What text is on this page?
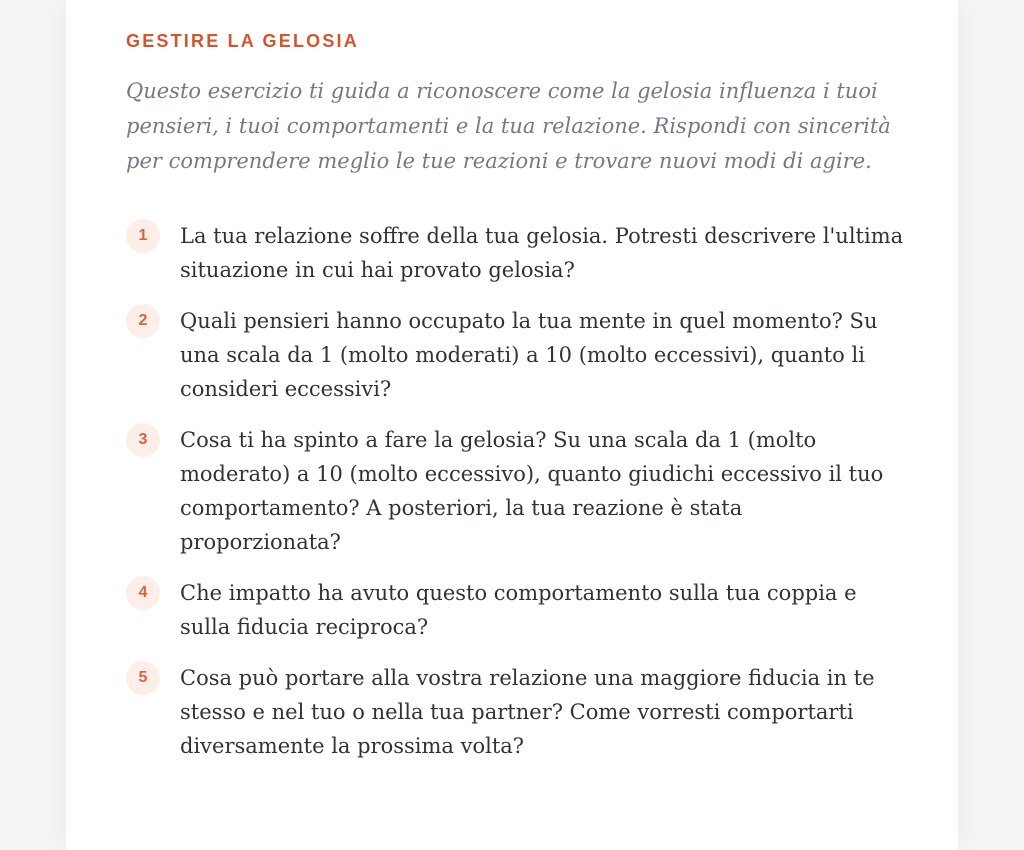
GESTIRE LA GELOSIA

Questo esercizio ti guida a riconoscere come la gelosia influenza i tuoi pensieri, i tuoi comportamenti e la tua relazione. Rispondi con sincerità per comprendere meglio le tue reazioni e trovare nuovi modi di agire.

1	La tua relazione soffre della tua gelosia. Potresti descrivere l'ultima situazione in cui hai provato gelosia?
2	Quali pensieri hanno occupato la tua mente in quel momento? Su una scala da 1 (molto moderati) a 10 (molto eccessivi), quanto li consideri eccessivi?
3	Cosa ti ha spinto a fare la gelosia? Su una scala da 1 (molto moderato) a 10 (molto eccessivo), quanto giudichi eccessivo il tuo comportamento? A posteriori, la tua reazione è stata proporzionata?
4	Che impatto ha avuto questo comportamento sulla tua coppia e sulla fiducia reciproca?
5	Cosa può portare alla vostra relazione una maggiore fiducia in te stesso e nel tuo o nella tua partner? Come vorresti comportarti diversamente la prossima volta?
